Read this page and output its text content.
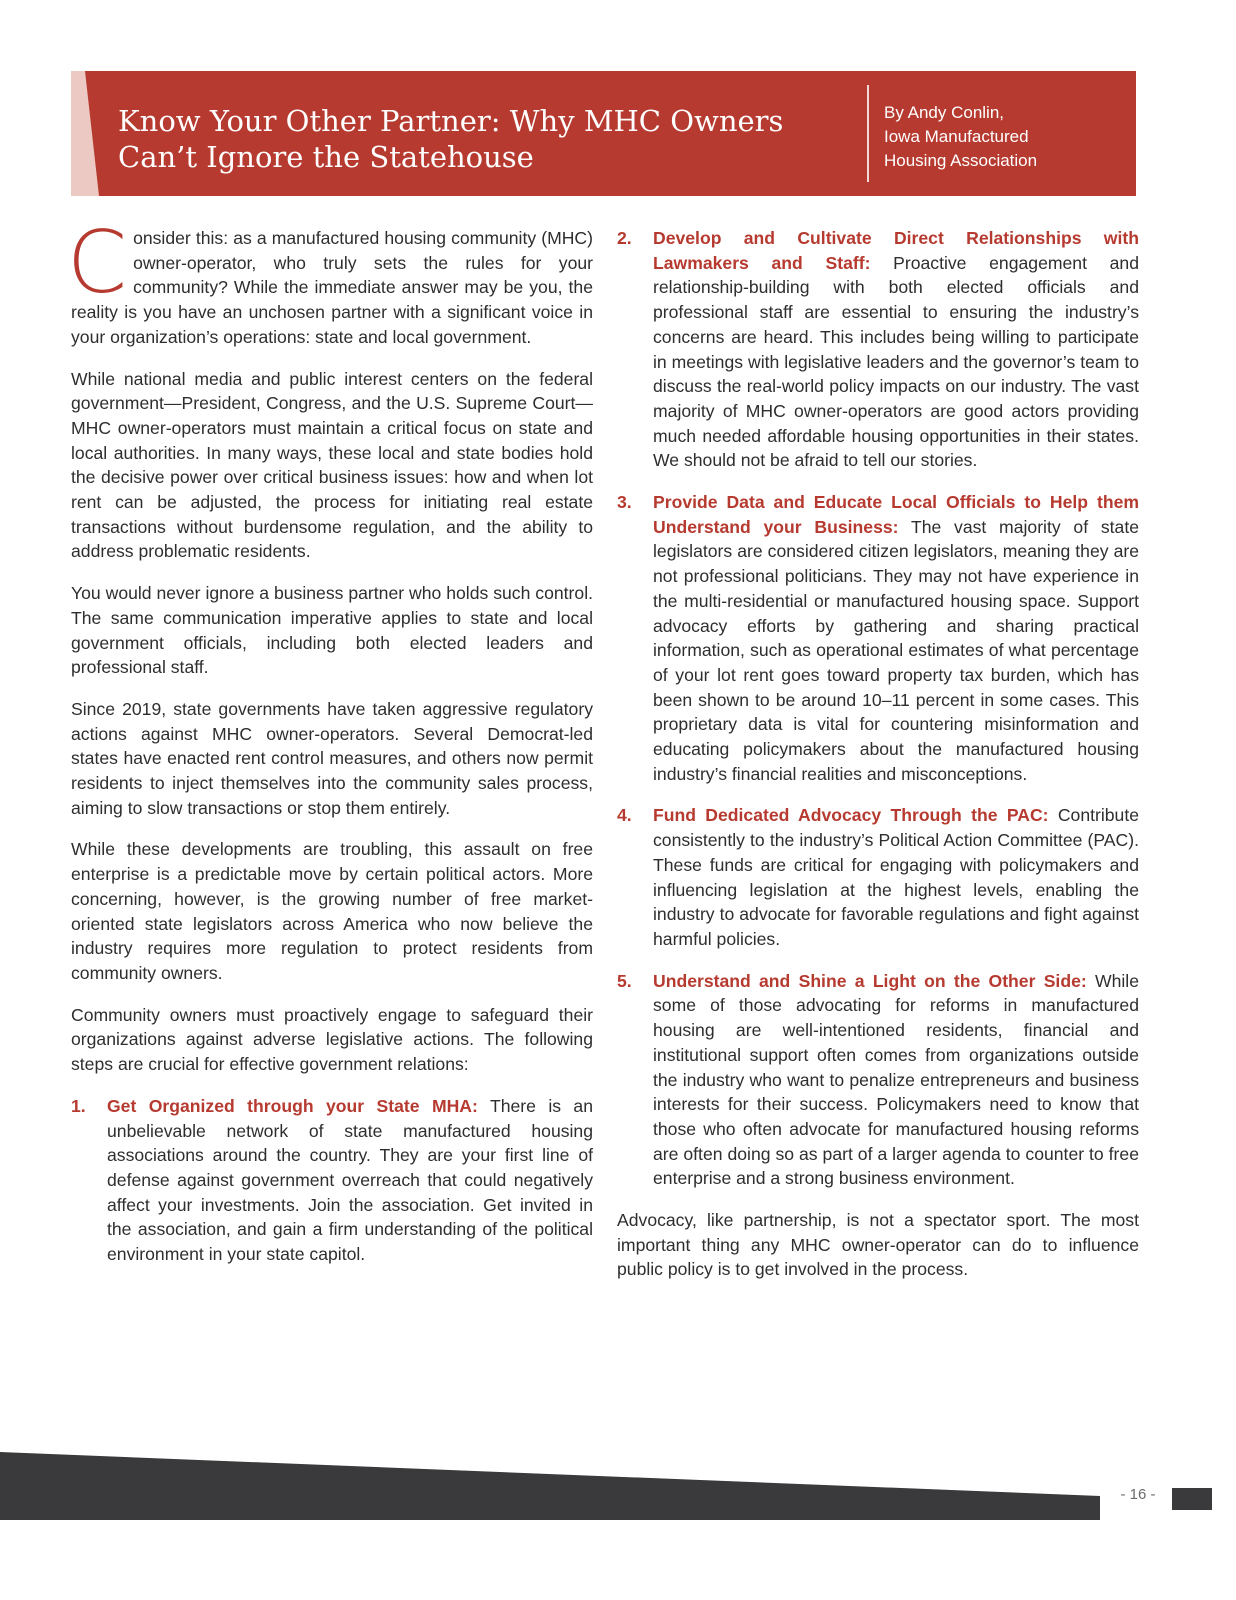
Know Your Other Partner: Why MHC Owners Can’t Ignore the Statehouse
By Andy Conlin,
Iowa Manufactured
Housing Association

Consider this: as a manufactured housing community (MHC) owner-operator, who truly sets the rules for your community? While the immediate answer may be you, the reality is you have an unchosen partner with a significant voice in your organization’s operations: state and local government.

While national media and public interest centers on the federal government—President, Congress, and the U.S. Supreme Court—MHC owner-operators must maintain a critical focus on state and local authorities. In many ways, these local and state bodies hold the decisive power over critical business issues: how and when lot rent can be adjusted, the process for initiating real estate transactions without burdensome regulation, and the ability to address problematic residents.

You would never ignore a business partner who holds such control. The same communication imperative applies to state and local government officials, including both elected leaders and professional staff.

Since 2019, state governments have taken aggressive regulatory actions against MHC owner-operators. Several Democrat-led states have enacted rent control measures, and others now permit residents to inject themselves into the community sales process, aiming to slow transactions or stop them entirely.

While these developments are troubling, this assault on free enterprise is a predictable move by certain political actors. More concerning, however, is the growing number of free market-oriented state legislators across America who now believe the industry requires more regulation to protect residents from community owners.

Community owners must proactively engage to safeguard their organizations against adverse legislative actions. The following steps are crucial for effective government relations:

1. Get Organized through your State MHA: There is an unbelievable network of state manufactured housing associations around the country. They are your first line of defense against government overreach that could negatively affect your investments. Join the association. Get invited in the association, and gain a firm understanding of the political environment in your state capitol.
2. Develop and Cultivate Direct Relationships with Lawmakers and Staff: Proactive engagement and relationship-building with both elected officials and professional staff are essential to ensuring the industry’s concerns are heard. This includes being willing to participate in meetings with legislative leaders and the governor’s team to discuss the real-world policy impacts on our industry. The vast majority of MHC owner-operators are good actors providing much needed affordable housing opportunities in their states. We should not be afraid to tell our stories.
3. Provide Data and Educate Local Officials to Help them Understand your Business: The vast majority of state legislators are considered citizen legislators, meaning they are not professional politicians. They may not have experience in the multi-residential or manufactured housing space. Support advocacy efforts by gathering and sharing practical information, such as operational estimates of what percentage of your lot rent goes toward property tax burden, which has been shown to be around 10–11 percent in some cases. This proprietary data is vital for countering misinformation and educating policymakers about the manufactured housing industry’s financial realities and misconceptions.
4. Fund Dedicated Advocacy Through the PAC: Contribute consistently to the industry’s Political Action Committee (PAC). These funds are critical for engaging with policymakers and influencing legislation at the highest levels, enabling the industry to advocate for favorable regulations and fight against harmful policies.
5. Understand and Shine a Light on the Other Side: While some of those advocating for reforms in manufactured housing are well-intentioned residents, financial and institutional support often comes from organizations outside the industry who want to penalize entrepreneurs and business interests for their success. Policymakers need to know that those who often advocate for manufactured housing reforms are often doing so as part of a larger agenda to counter to free enterprise and a strong business environment.

Advocacy, like partnership, is not a spectator sport. The most important thing any MHC owner-operator can do to influence public policy is to get involved in the process.

- 16 -
